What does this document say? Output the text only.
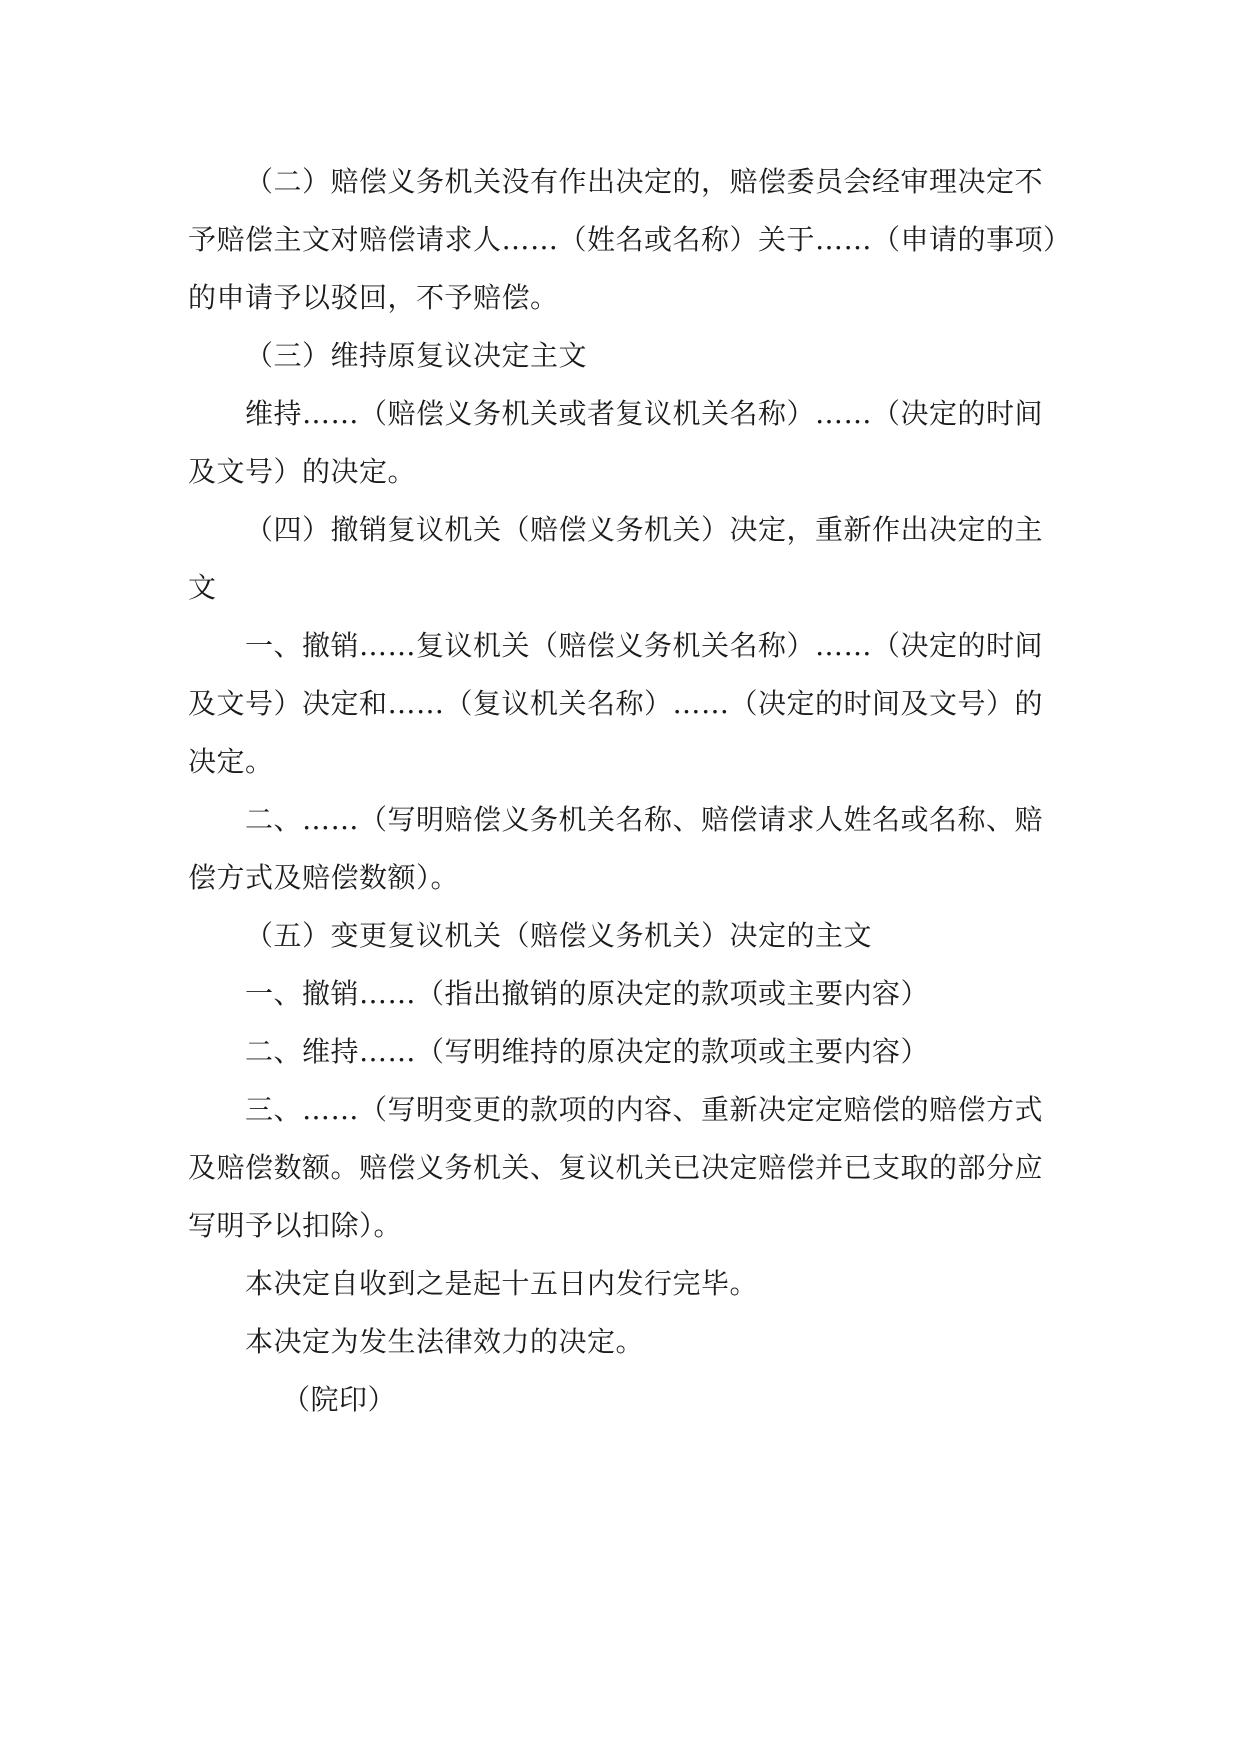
（二）赔偿义务机关没有作出决定的，赔偿委员会经审理决定不
予赔偿主文对赔偿请求人……（姓名或名称）关于……（申请的事项）
的申请予以驳回，不予赔偿。
（三）维持原复议决定主文
维持……（赔偿义务机关或者复议机关名称）……（决定的时间
及文号）的决定。
（四）撤销复议机关（赔偿义务机关）决定，重新作出决定的主
文
一、撤销……复议机关（赔偿义务机关名称）……（决定的时间
及文号）决定和……（复议机关名称）……（决定的时间及文号）的
决定。
二、……（写明赔偿义务机关名称、赔偿请求人姓名或名称、赔
偿方式及赔偿数额）。
（五）变更复议机关（赔偿义务机关）决定的主文
一、撤销……（指出撤销的原决定的款项或主要内容）
二、维持……（写明维持的原决定的款项或主要内容）
三、……（写明变更的款项的内容、重新决定定赔偿的赔偿方式
及赔偿数额。赔偿义务机关、复议机关已决定赔偿并已支取的部分应
写明予以扣除）。
本决定自收到之是起十五日内发行完毕。
本决定为发生法律效力的决定。
（院印）
